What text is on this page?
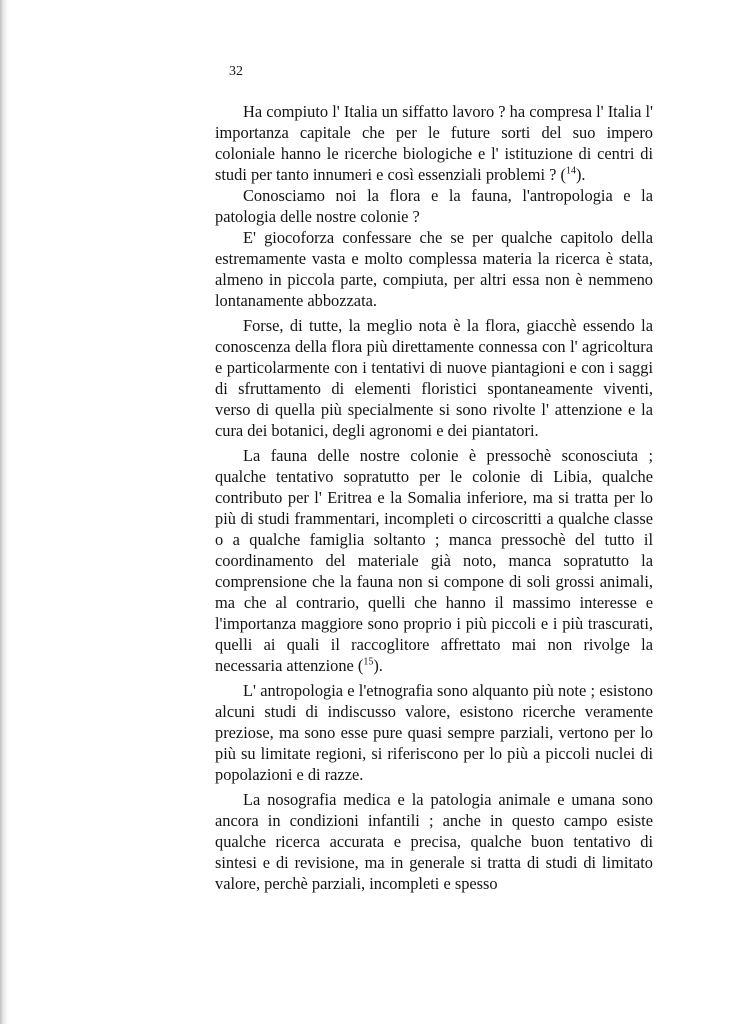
32

Ha compiuto l' Italia un siffatto lavoro ? ha compresa l' Italia l' importanza capitale che per le future sorti del suo impero coloniale hanno le ricerche biologiche e l' istituzione di centri di studi per tanto innumeri e così essenziali problemi ? ($^{14}$).

Conosciamo noi la flora e la fauna, l'antropologia e la patologia delle nostre colonie ?

E' giocoforza confessare che se per qualche capitolo della estremamente vasta e molto complessa materia la ricerca è stata, almeno in piccola parte, compiuta, per altri essa non è nemmeno lontanamente abbozzata.

Forse, di tutte, la meglio nota è la flora, giacchè essendo la conoscenza della flora più direttamente connessa con l' agricoltura e particolarmente con i tentativi di nuove piantagioni e con i saggi di sfruttamento di elementi floristici spontaneamente viventi, verso di quella più specialmente si sono rivolte l' attenzione e la cura dei botanici, degli agronomi e dei piantatori.

La fauna delle nostre colonie è pressochè sconosciuta ; qualche tentativo sopratutto per le colonie di Libia, qualche contributo per l' Eritrea e la Somalia inferiore, ma si tratta per lo più di studi frammentari, incompleti o circoscritti a qualche classe o a qualche famiglia soltanto ; manca pressochè del tutto il coordinamento del materiale già noto, manca sopratutto la comprensione che la fauna non si compone di soli grossi animali, ma che al contrario, quelli che hanno il massimo interesse e l'importanza maggiore sono proprio i più piccoli e i più trascurati, quelli ai quali il raccoglitore affrettato mai non rivolge la necessaria attenzione ($^{15}$).

L' antropologia e l'etnografia sono alquanto più note ; esistono alcuni studi di indiscusso valore, esistono ricerche veramente preziose, ma sono esse pure quasi sempre parziali, vertono per lo più su limitate regioni, si riferiscono per lo più a piccoli nuclei di popolazioni e di razze.

La nosografia medica e la patologia animale e umana sono ancora in condizioni infantili ; anche in questo campo esiste qualche ricerca accurata e precisa, qualche buon tentativo di sintesi e di revisione, ma in generale si tratta di studi di limitato valore, perchè parziali, incompleti e spesso
